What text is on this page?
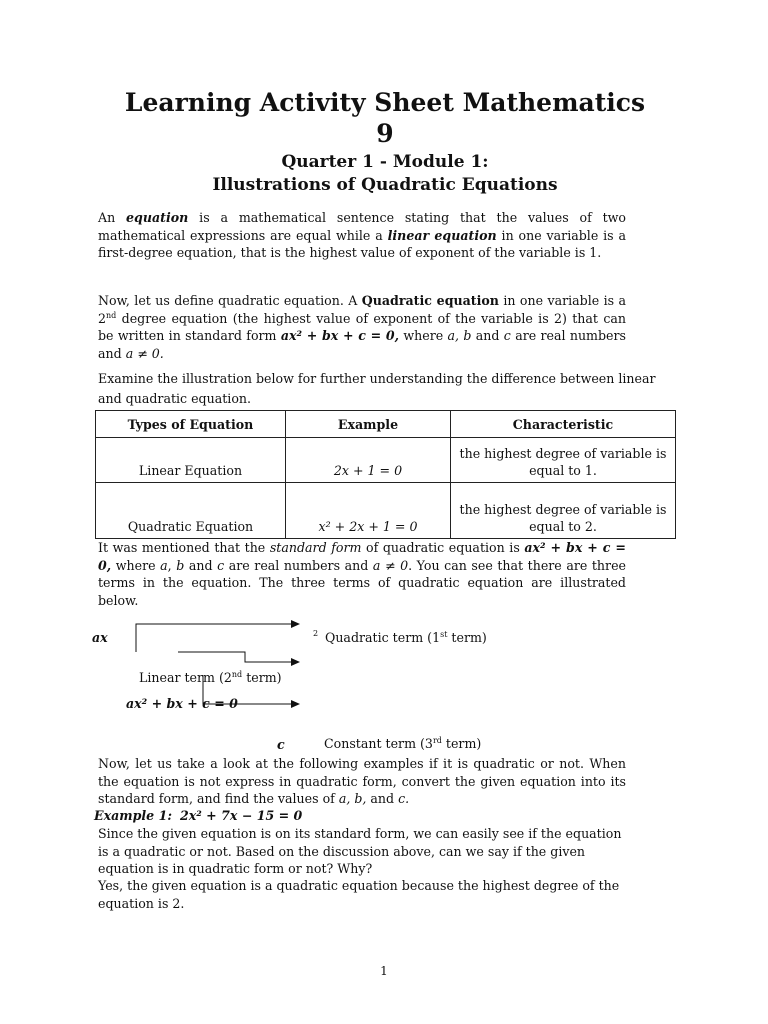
Learning Activity Sheet Mathematics
9
Quarter 1 - Module 1:
Illustrations of Quadratic Equations
An equation is a mathematical sentence stating that the values of two mathematical expressions are equal while a linear equation in one variable is a first-degree equation, that is the highest value of exponent of the variable is 1.
Now, let us define quadratic equation. A Quadratic equation in one variable is a 2nd degree equation (the highest value of exponent of the variable is 2) that can be written in standard form ax² + bx + c = 0, where a, b and c are real numbers and a ≠ 0.
Examine the illustration below for further understanding the difference between linear and quadratic equation.
Types of Equation	Example	Characteristic
Linear Equation	2x + 1 = 0	the highest degree of variable is equal to 1.
Quadratic Equation	x² + 2x + 1 = 0	the highest degree of variable is equal to 2.
It was mentioned that the standard form of quadratic equation is ax² + bx + c = 0, where a, b and c are real numbers and a ≠ 0. You can see that there are three terms in the equation. The three terms of quadratic equation are illustrated below.
ax	2 Quadratic term (1st term)
Linear term (2nd term)
ax² + bx + c = 0
c	Constant term (3rd term)
Now, let us take a look at the following examples if it is quadratic or not. When the equation is not express in quadratic form, convert the given equation into its standard form, and find the values of a, b, and c.
Example 1: 2x² + 7x − 15 = 0
Since the given equation is on its standard form, we can easily see if the equation is a quadratic or not. Based on the discussion above, can we say if the given equation is in quadratic form or not? Why?
Yes, the given equation is a quadratic equation because the highest degree of the equation is 2.
1
